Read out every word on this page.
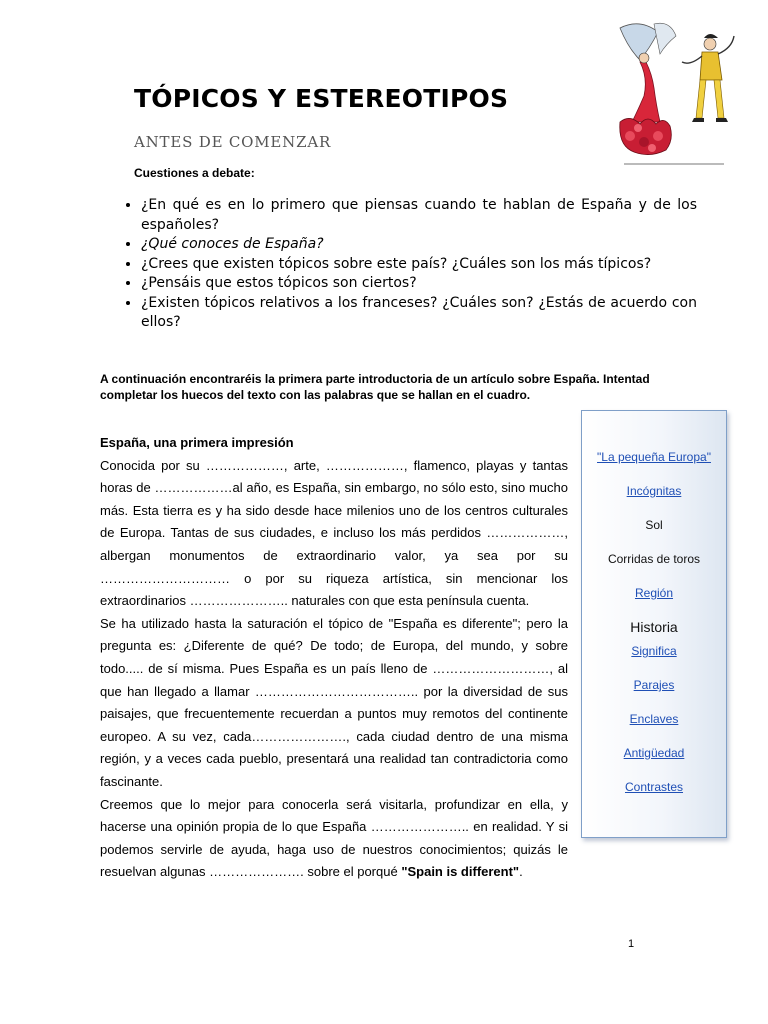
TÓPICOS Y ESTEREOTIPOS
ANTES DE COMENZAR
Cuestiones a debate:
• ¿En qué es en lo primero que piensas cuando te hablan de España y de los españoles?
• ¿Qué conoces de España?
• ¿Crees que existen tópicos sobre este país? ¿Cuáles son los más típicos?
• ¿Pensáis que estos tópicos son ciertos?
• ¿Existen tópicos relativos a los franceses? ¿Cuáles son? ¿Estás de acuerdo con ellos?
A continuación encontraréis la primera parte introductoria de un artículo sobre España. Intentad completar los huecos del texto con las palabras que se hallan en el cuadro.
España, una primera impresión

Conocida por su ………………, arte, ………………, flamenco, playas y tantas horas de ………………al año, es España, sin embargo, no sólo esto, sino mucho más. Esta tierra es y ha sido desde hace milenios uno de los centros culturales de Europa. Tantas de sus ciudades, e incluso los más perdidos ………………, albergan monumentos de extraordinario valor, ya sea por su ………………………… o por su riqueza artística, sin mencionar los extraordinarios ………………….. naturales con que esta península cuenta.

Se ha utilizado hasta la saturación el tópico de "España es diferente"; pero la pregunta es: ¿Diferente de qué? De todo; de Europa, del mundo, y sobre todo..... de sí misma. Pues España es un país lleno de ………………………, al que han llegado a llamar ……………………………….. por la diversidad de sus paisajes, que frecuentemente recuerdan a puntos muy remotos del continente europeo. A su vez, cada…………………., cada ciudad dentro de una misma región, y a veces cada pueblo, presentará una realidad tan contradictoria como fascinante.

Creemos que lo mejor para conocerla será visitarla, profundizar en ella, y hacerse una opinión propia de lo que España ………………….. en realidad. Y si podemos servirle de ayuda, haga uso de nuestros conocimientos; quizás le resuelvan algunas …………………. sobre el porqué "Spain is different".

"La pequeña Europa"
Incógnitas
Sol
Corridas de toros
Región
Historia
Significa
Parajes
Enclaves
Antigüedad
Contrastes
1
